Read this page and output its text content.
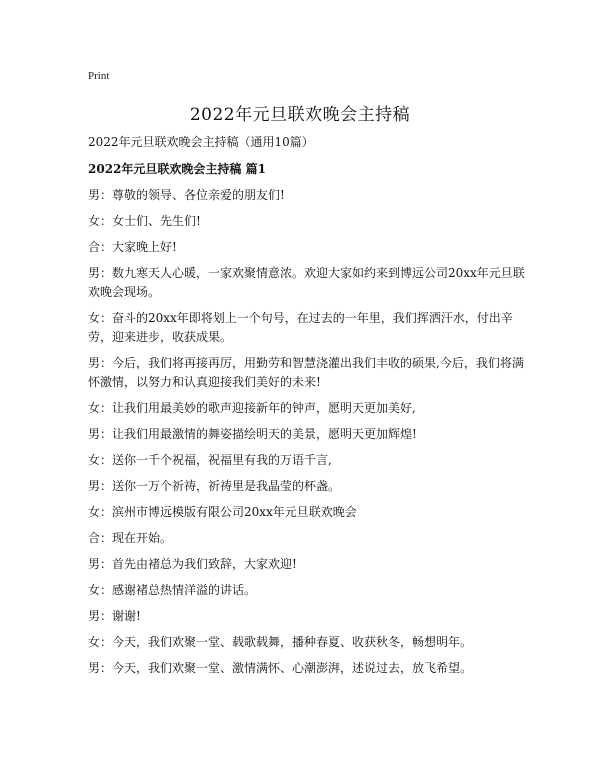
Print
2022年元旦联欢晚会主持稿
2022年元旦联欢晚会主持稿（通用10篇）
2022年元旦联欢晚会主持稿 篇1

男：尊敬的领导、各位亲爱的朋友们!

女：女士们、先生们!

合：大家晚上好!

男：数九寒天人心暖，一家欢聚情意浓。欢迎大家如约来到博远公司20xx年元旦联欢晚会现场。

女：奋斗的20xx年即将划上一个句号，在过去的一年里，我们挥洒汗水，付出辛劳，迎来进步，收获成果。

男：今后，我们将再接再厉，用勤劳和智慧浇灌出我们丰收的硕果,今后，我们将满怀激情，以努力和认真迎接我们美好的未来!

女：让我们用最美妙的歌声迎接新年的钟声，愿明天更加美好,

男：让我们用最激情的舞姿描绘明天的美景，愿明天更加辉煌!

女：送你一千个祝福，祝福里有我的万语千言,

男：送你一万个祈祷，祈祷里是我晶莹的杯盏。

女：滨州市博远模版有限公司20xx年元旦联欢晚会

合：现在开始。

男：首先由褚总为我们致辞，大家欢迎!

女：感谢褚总热情洋溢的讲话。

男：谢谢!

女：今天，我们欢聚一堂、载歌载舞，播种春夏、收获秋冬，畅想明年。

男：今天，我们欢聚一堂、激情满怀、心潮澎湃，述说过去，放飞希望。
